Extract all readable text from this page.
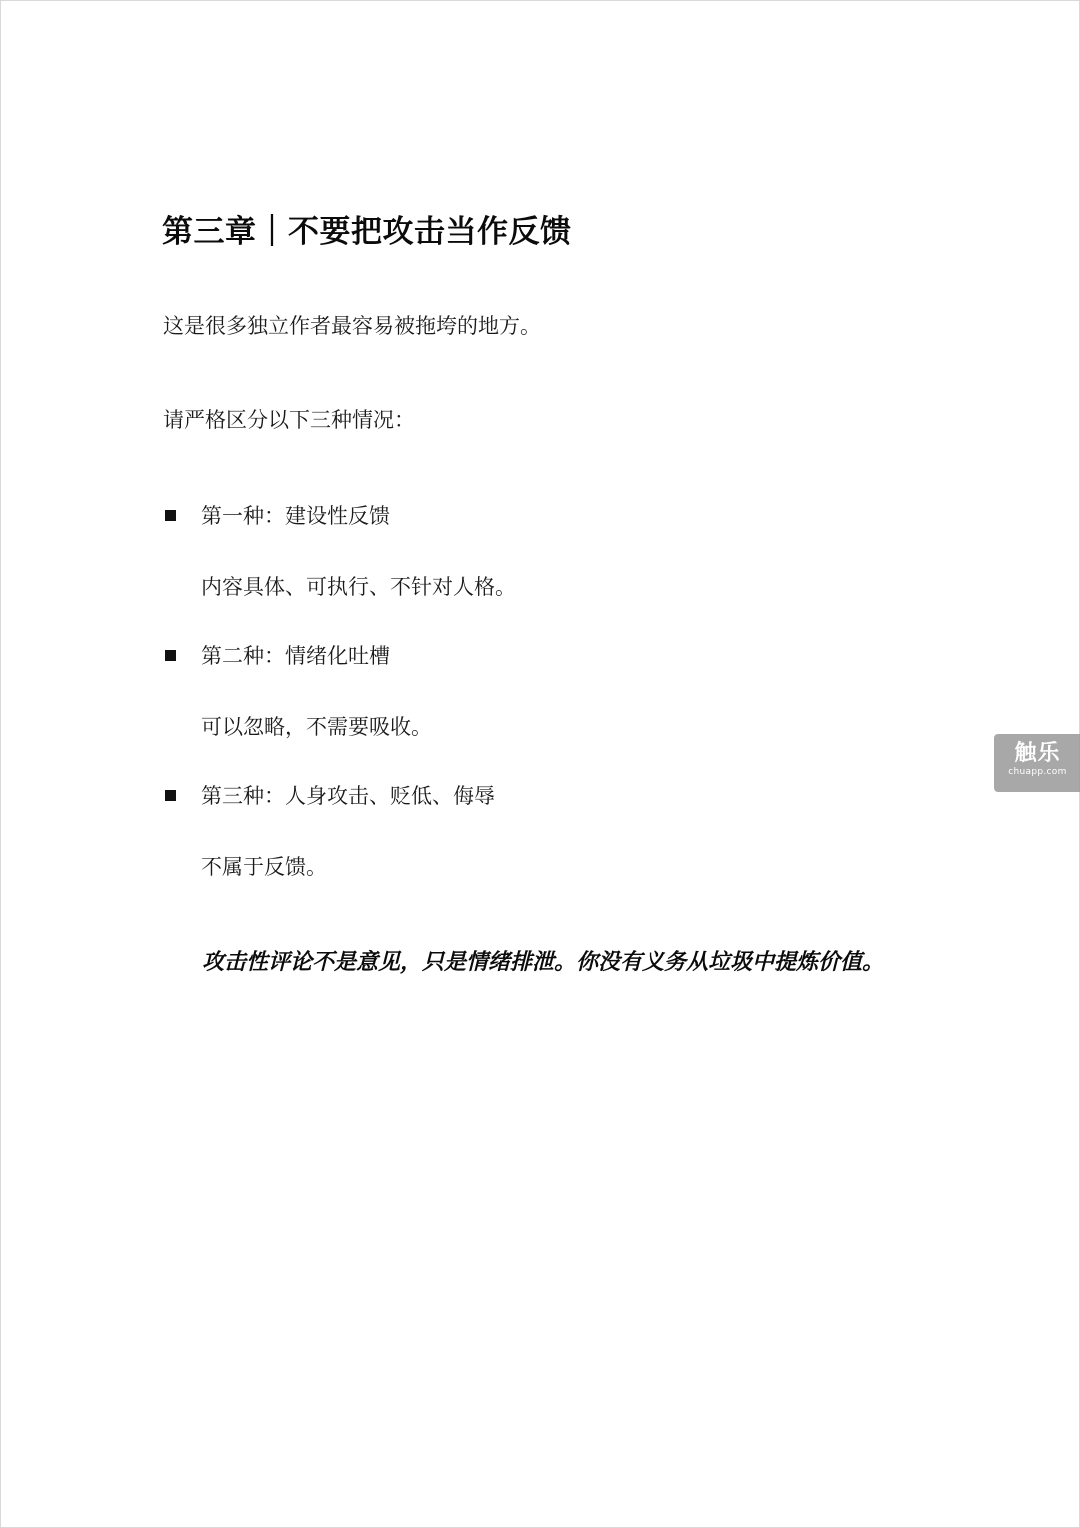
第三章｜不要把攻击当作反馈
这是很多独立作者最容易被拖垮的地方。
请严格区分以下三种情况：
第一种：建设性反馈
内容具体、可执行、不针对人格。
第二种：情绪化吐槽
可以忽略，不需要吸收。
第三种：人身攻击、贬低、侮辱
不属于反馈。
攻击性评论不是意见，只是情绪排泄。你没有义务从垃圾中提炼价值。
触乐
chuapp.com
